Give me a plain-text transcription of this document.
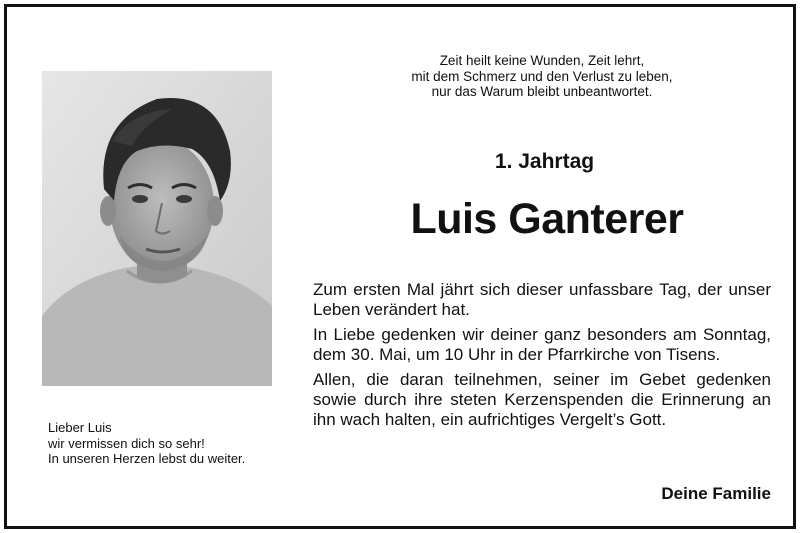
Lieber Luis
wir vermissen dich so sehr!
In unseren Herzen lebst du weiter.
Zeit heilt keine Wunden, Zeit lehrt,
mit dem Schmerz und den Verlust zu leben,
nur das Warum bleibt unbeantwortet.
1. Jahrtag
Luis Ganterer

Zum ersten Mal jährt sich dieser unfassbare Tag, der unser Leben verändert hat.

In Liebe gedenken wir deiner ganz besonders am Sonntag, dem 30. Mai, um 10 Uhr in der Pfarrkirche von Tisens.

Allen, die daran teilnehmen, seiner im Gebet gedenken sowie durch ihre steten Kerzenspenden die Erinnerung an ihn wach halten, ein aufrichtiges Vergelt’s Gott.

Deine Familie
